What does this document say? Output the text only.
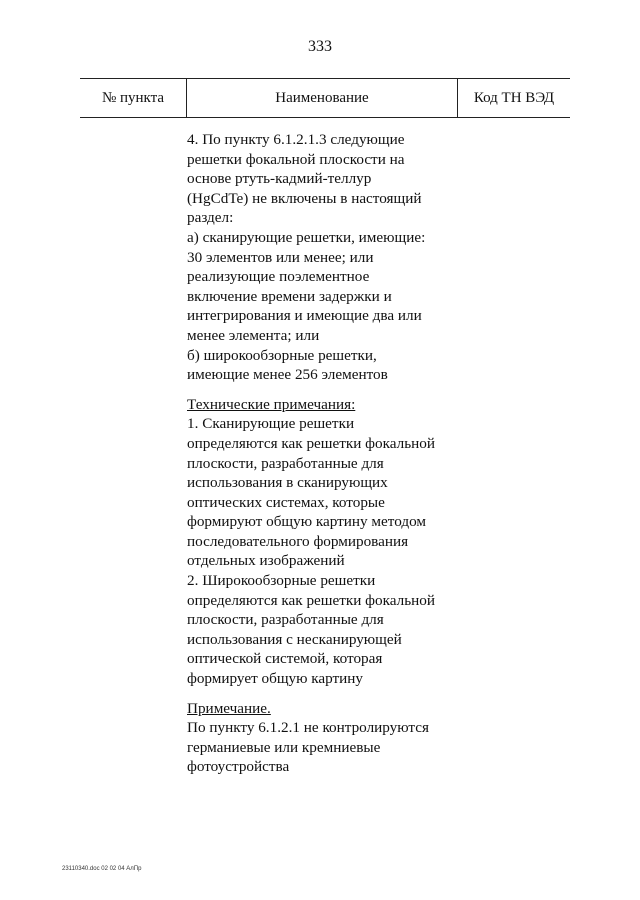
333
№ пункта	Наименование	Код ТН ВЭД
4. По пункту 6.1.2.1.3 следующие
решетки фокальной плоскости на
основе ртуть-кадмий-теллур
(HgCdTe) не включены в настоящий
раздел:
а) сканирующие решетки, имеющие:
30 элементов или менее; или
реализующие поэлементное
включение времени задержки и
интегрирования и имеющие два или
менее элемента; или
б) широкообзорные решетки,
имеющие менее 256 элементов
Технические примечания:
1. Сканирующие решетки
определяются как решетки фокальной
плоскости, разработанные для
использования в сканирующих
оптических системах, которые
формируют общую картину методом
последовательного формирования
отдельных изображений
2. Широкообзорные решетки
определяются как решетки фокальной
плоскости, разработанные для
использования с несканирующей
оптической системой, которая
формирует общую картину
Примечание.
По пункту 6.1.2.1 не контролируются
германиевые или кремниевые
фотоустройства
23110340.doc 02 02 04 АлПр
